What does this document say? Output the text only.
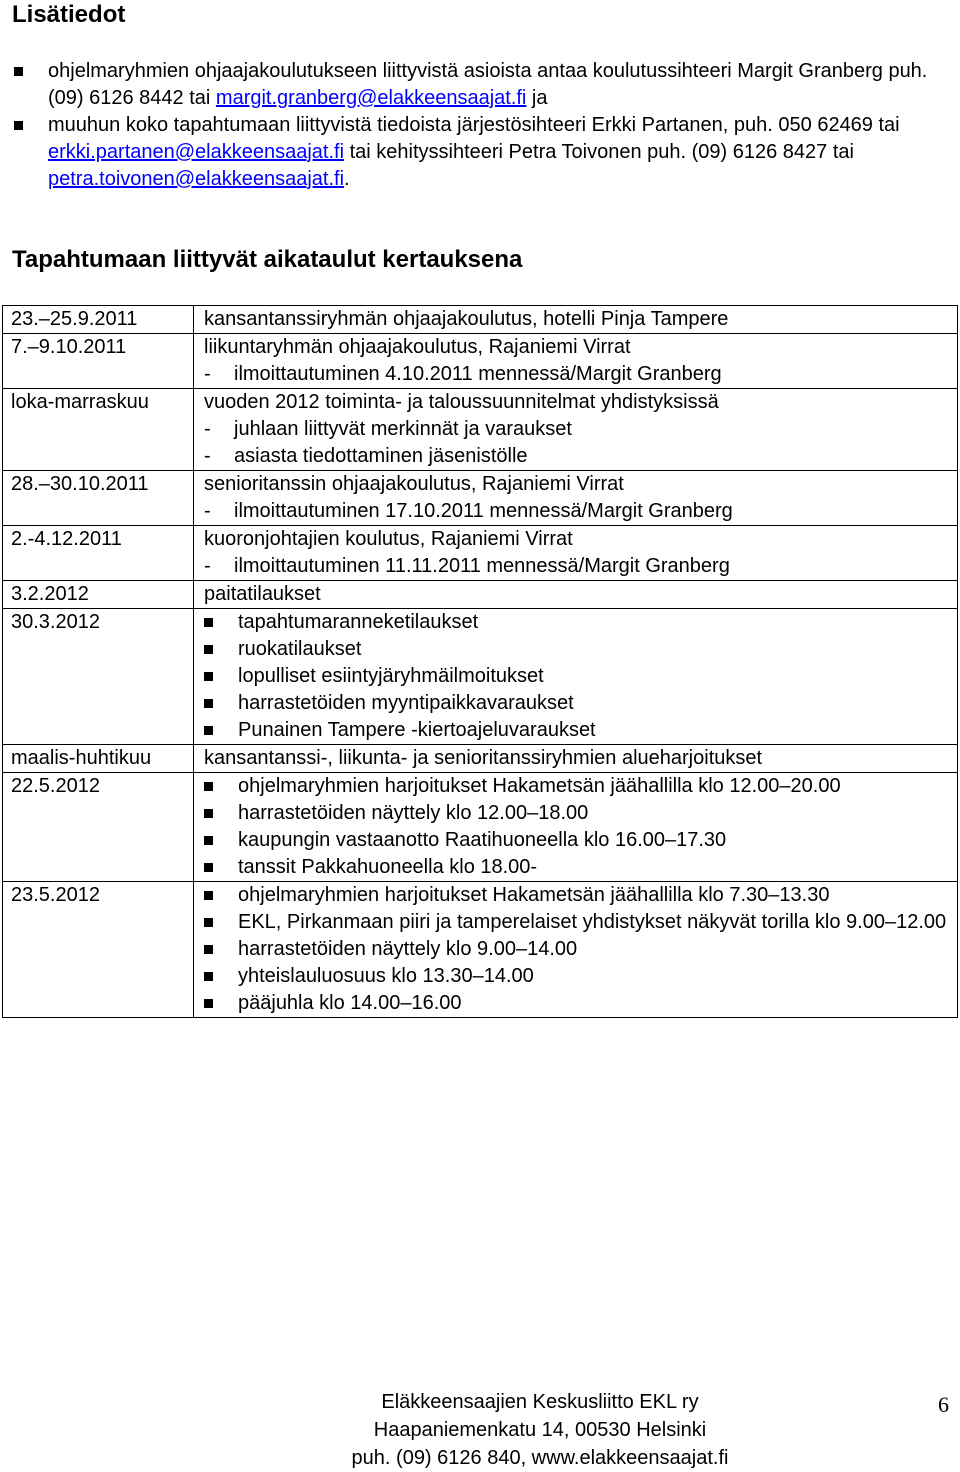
Lisätiedot
ohjelmaryhmien ohjaajakoulutukseen liittyvistä asioista antaa koulutussihteeri Margit Granberg puh. (09) 6126 8442 tai margit.granberg@elakkeensaajat.fi ja
muuhun koko tapahtumaan liittyvistä tiedoista järjestösihteeri Erkki Partanen, puh. 050 62469 tai erkki.partanen@elakkeensaajat.fi tai kehityssihteeri Petra Toivonen puh. (09) 6126 8427 tai petra.toivonen@elakkeensaajat.fi.
Tapahtumaan liittyvät aikataulut kertauksena
23.–25.9.2011	kansantanssiryhmän ohjaajakoulutus, hotelli Pinja Tampere

7.–9.10.2011	liikuntaryhmän ohjaajakoulutus, Rajaniemi Virrat
- ilmoittautuminen 4.10.2011 mennessä/Margit Granberg

loka-marraskuu	vuoden 2012 toiminta- ja taloussuunnitelmat yhdistyksissä
- juhlaan liittyvät merkinnät ja varaukset
- asiasta tiedottaminen jäsenistölle

28.–30.10.2011	senioritanssin ohjaajakoulutus, Rajaniemi Virrat
- ilmoittautuminen 17.10.2011 mennessä/Margit Granberg

2.-4.12.2011	kuoronjohtajien koulutus, Rajaniemi Virrat
- ilmoittautuminen 11.11.2011 mennessä/Margit Granberg

3.2.2012	paitatilaukset

30.3.2012	tapahtumaranneketilaukset
ruokatilaukset
lopulliset esiintyjäryhmäilmoitukset
harrastetöiden myyntipaikkavaraukset
Punainen Tampere -kiertoajeluvaraukset

maalis-huhtikuu	kansantanssi-, liikunta- ja senioritanssiryhmien alueharjoitukset

22.5.2012	ohjelmaryhmien harjoitukset Hakametsän jäähallilla klo 12.00–20.00
harrastetöiden näyttely klo 12.00–18.00
kaupungin vastaanotto Raatihuoneella klo 16.00–17.30
tanssit Pakkahuoneella klo 18.00-

23.5.2012	ohjelmaryhmien harjoitukset Hakametsän jäähallilla klo 7.30–13.30
EKL, Pirkanmaan piiri ja tamperelaiset yhdistykset näkyvät torilla klo 9.00–12.00
harrastetöiden näyttely klo 9.00–14.00
yhteislauluosuus klo 13.30–14.00
pääjuhla klo 14.00–16.00
Eläkkeensaajien Keskusliitto EKL ry
Haapaniemenkatu 14, 00530 Helsinki
puh. (09) 6126 840, www.elakkeensaajat.fi
6
